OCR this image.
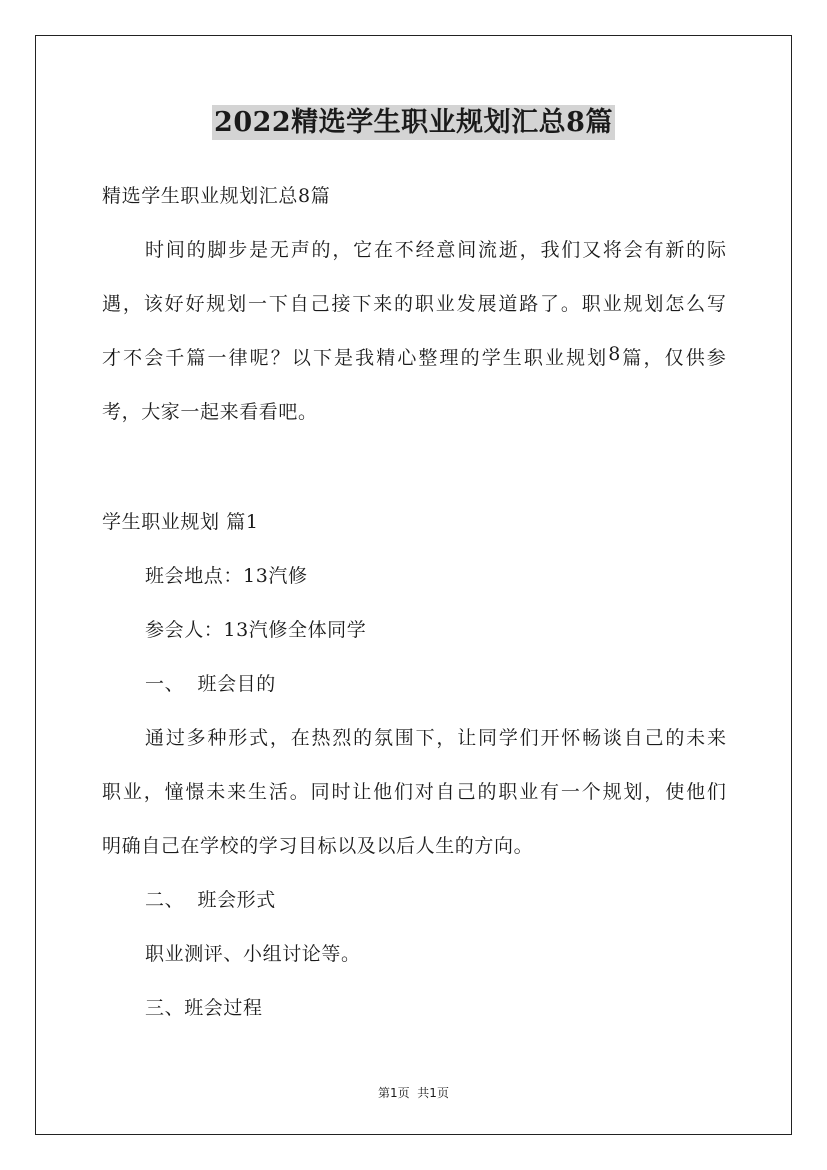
2022精选学生职业规划汇总8篇
精选学生职业规划汇总8篇
时 间 的 脚 步 是 无 声 的 ， 它 在 不 经 意 间 流 逝 ， 我 们 又 将 会 有 新 的 际
遇 ， 该 好 好 规 划 一 下 自 己 接 下 来 的 职 业 发 展 道 路 了 。 职 业 规 划 怎 么 写
才 不 会 千 篇 一 律 呢 ？ 以 下 是 我 精 心 整 理 的 学 生 职 业 规 划 8 篇 ， 仅 供 参
考，大家一起来看看吧。
学生职业规划 篇1
班会地点：13汽修
参会人：13汽修全体同学
一、  班会目的
通 过 多 种 形 式 ， 在 热 烈 的 氛 围 下 ， 让 同 学 们 开 怀 畅 谈 自 己 的 未 来
职 业 ， 憧 憬 未 来 生 活 。 同 时 让 他 们 对 自 己 的 职 业 有 一 个 规 划 ， 使 他 们
明确自己在学校的学习目标以及以后人生的方向。
二、  班会形式
职业测评、小组讨论等。
三、班会过程
第1页  共1页
